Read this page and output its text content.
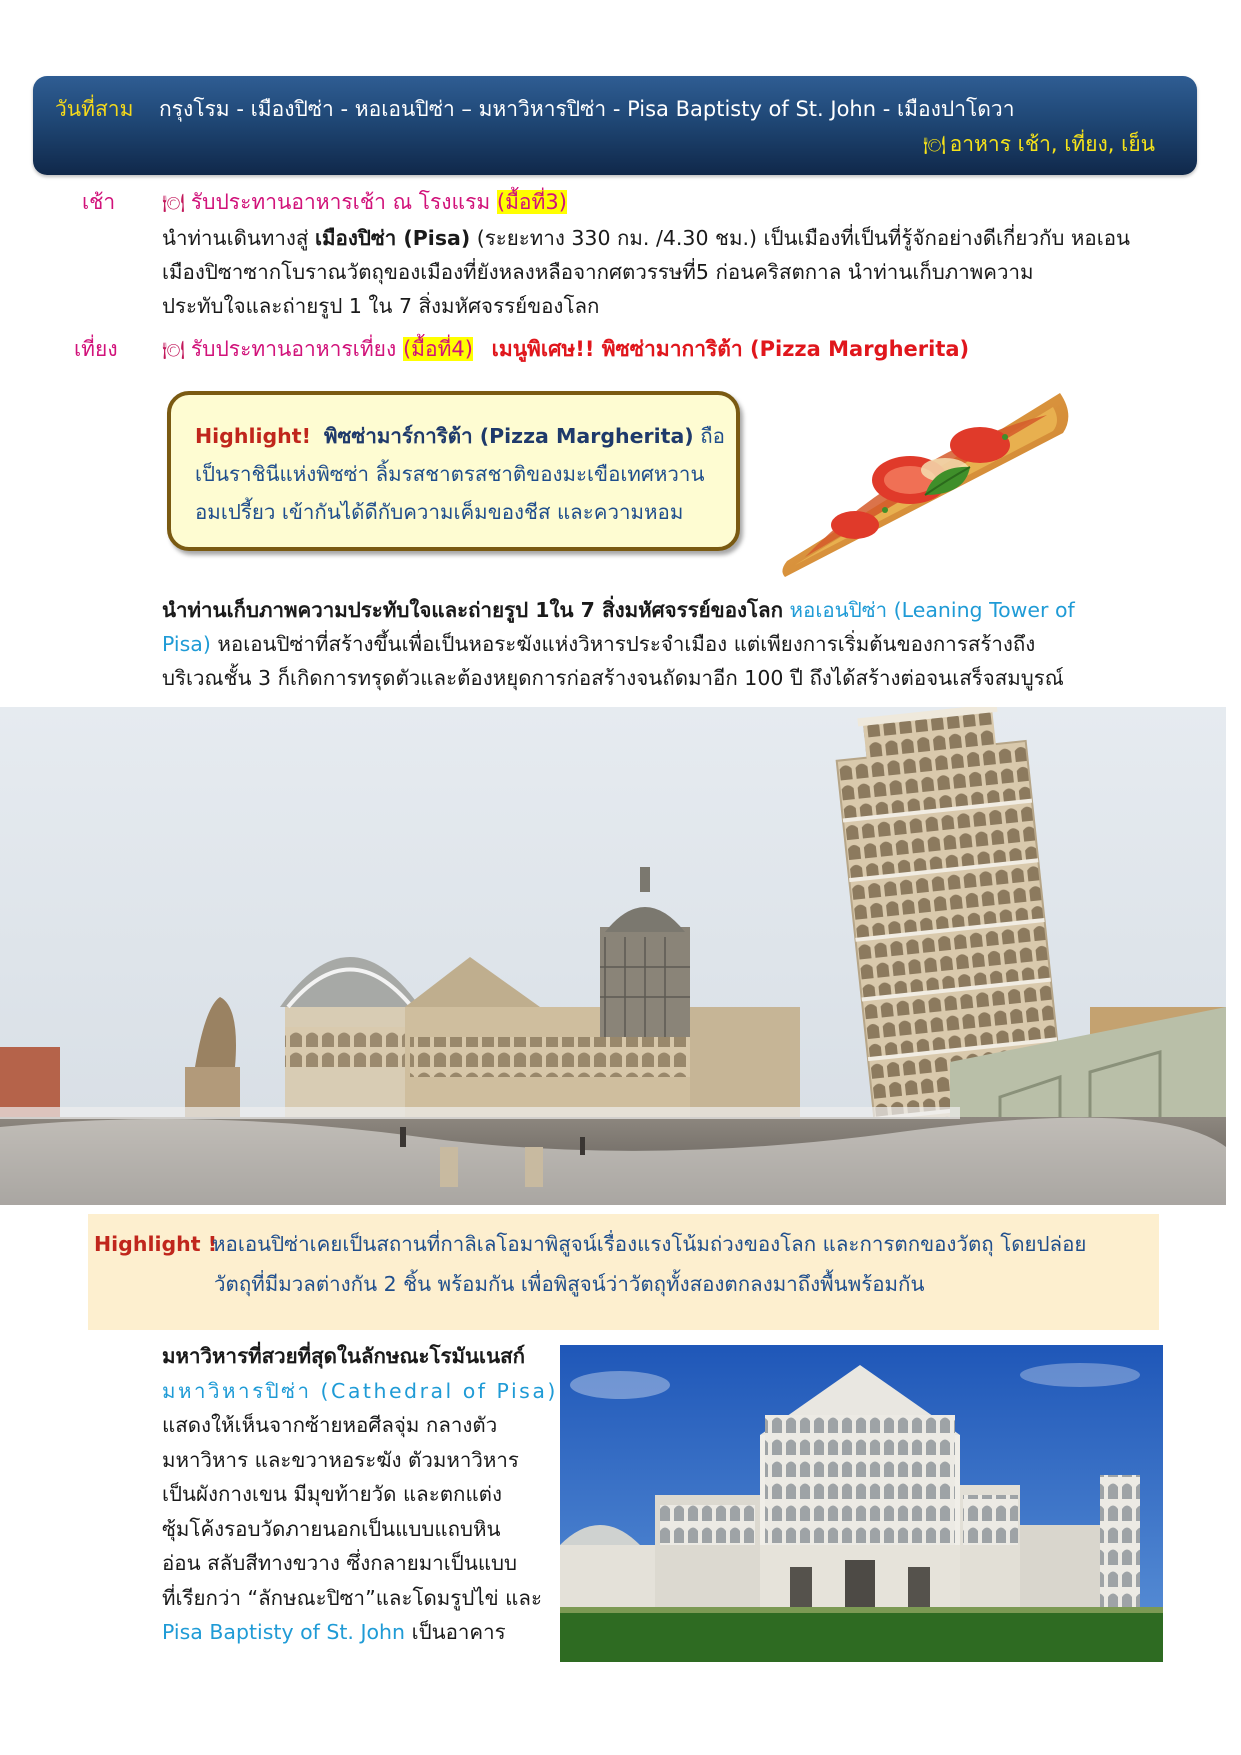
วันที่สาม กรุงโรม - เมืองปิซ่า - หอเอนปิซ่า – มหาวิหารปิซ่า - Pisa Baptisty of St. John - เมืองปาโดวา
🍽 อาหาร เช้า, เที่ยง, เย็น
เช้า	🍽 รับประทานอาหารเช้า ณ โรงแรม (มื้อที่3)
นำท่านเดินทางสู่ เมืองปิซ่า (Pisa) (ระยะทาง 330 กม. /4.30 ชม.) เป็นเมืองที่เป็นที่รู้จักอย่างดีเกี่ยวกับ หอเอน
เมืองปิซาซากโบราณวัตถุของเมืองที่ยังหลงหลือจากศตวรรษที่5 ก่อนคริสตกาล นำท่านเก็บภาพความ
ประทับใจและถ่ายรูป 1 ใน 7 สิ่งมหัศจรรย์ของโลก
เที่ยง 🍽 รับประทานอาหารเที่ยง (มื้อที่4) เมนูพิเศษ!! พิซซ่ามาการิต้า (Pizza Margherita)
Highlight! พิซซ่ามาร์การิต้า (Pizza Margherita) ถือ
เป็นราชินีแห่งพิซซ่า ลิ้มรสชาตรสชาติของมะเขือเทศหวาน
อมเปรี้ยว เข้ากันได้ดีกับความเค็มของชีส และความหอม
นำท่านเก็บภาพความประทับใจและถ่ายรูป 1ใน 7 สิ่งมหัศจรรย์ของโลก หอเอนปิซ่า (Leaning Tower of
Pisa) หอเอนปิซ่าที่สร้างขึ้นเพื่อเป็นหอระฆังแห่งวิหารประจำเมือง แต่เพียงการเริ่มต้นของการสร้างถึง
บริเวณชั้น 3 ก็เกิดการทรุดตัวและต้องหยุดการก่อสร้างจนถัดมาอีก 100 ปี ถึงได้สร้างต่อจนเสร็จสมบูรณ์
Highlight !
หอเอนปิซ่าเคยเป็นสถานที่กาลิเลโอมาพิสูจน์เรื่องแรงโน้มถ่วงของโลก และการตกของวัตถุ โดยปล่อย
วัตถุที่มีมวลต่างกัน 2 ชิ้น พร้อมกัน เพื่อพิสูจน์ว่าวัตถุทั้งสองตกลงมาถึงพื้นพร้อมกัน
มหาวิหารที่สวยที่สุดในลักษณะโรมันเนสก์
มหาวิหารปิซ่า (Cathedral of Pisa)
แสดงให้เห็นจากซ้ายหอศีลจุ่ม กลางตัว
มหาวิหาร และขวาหอระฆัง ตัวมหาวิหาร
เป็นผังกางเขน มีมุขท้ายวัด และตกแต่ง
ซุ้มโค้งรอบวัดภายนอกเป็นแบบแถบหิน
อ่อน สลับสีทางขวาง ซึ่งกลายมาเป็นแบบ
ที่เรียกว่า “ลักษณะปิซา”และโดมรูปไข่ และ
Pisa Baptisty of St. John เป็นอาคาร
